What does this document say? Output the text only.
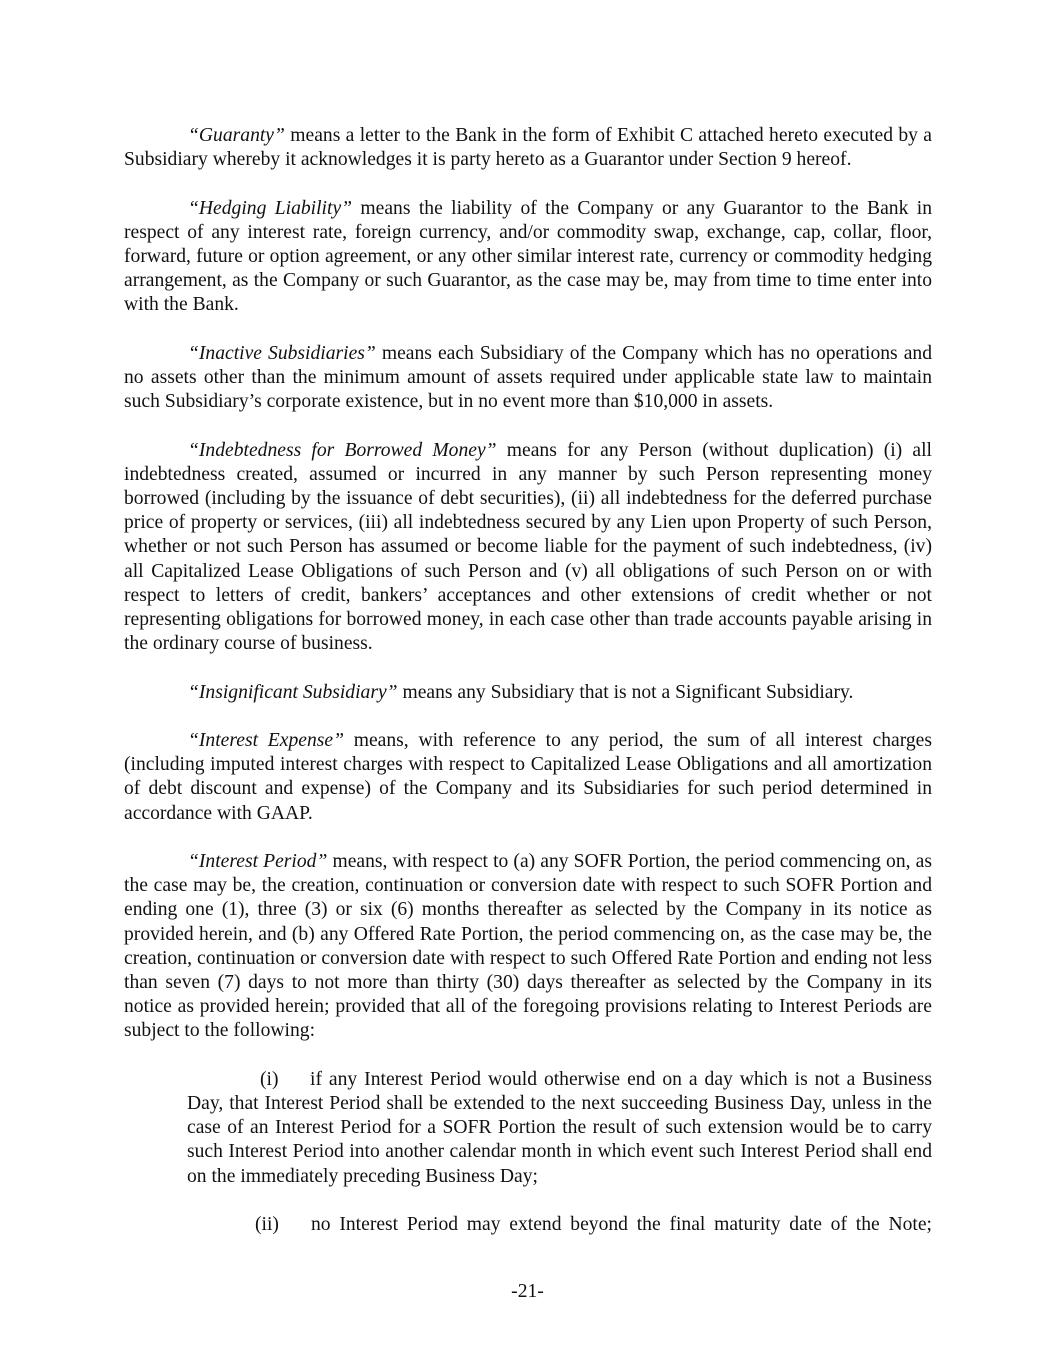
“Guaranty” means a letter to the Bank in the form of Exhibit C attached hereto executed by a Subsidiary whereby it acknowledges it is party hereto as a Guarantor under Section 9 hereof.

“Hedging Liability” means the liability of the Company or any Guarantor to the Bank in respect of any interest rate, foreign currency, and/or commodity swap, exchange, cap, collar, floor, forward, future or option agreement, or any other similar interest rate, currency or commodity hedging arrangement, as the Company or such Guarantor, as the case may be, may from time to time enter into with the Bank.

“Inactive Subsidiaries” means each Subsidiary of the Company which has no operations and no assets other than the minimum amount of assets required under applicable state law to maintain such Subsidiary’s corporate existence, but in no event more than $10,000 in assets.

“Indebtedness for Borrowed Money” means for any Person (without duplication) (i) all indebtedness created, assumed or incurred in any manner by such Person representing money borrowed (including by the issuance of debt securities), (ii) all indebtedness for the deferred purchase price of property or services, (iii) all indebtedness secured by any Lien upon Property of such Person, whether or not such Person has assumed or become liable for the payment of such indebtedness, (iv) all Capitalized Lease Obligations of such Person and (v) all obligations of such Person on or with respect to letters of credit, bankers’ acceptances and other extensions of credit whether or not representing obligations for borrowed money, in each case other than trade accounts payable arising in the ordinary course of business.

“Insignificant Subsidiary” means any Subsidiary that is not a Significant Subsidiary.

“Interest Expense” means, with reference to any period, the sum of all interest charges (including imputed interest charges with respect to Capitalized Lease Obligations and all amortization of debt discount and expense) of the Company and its Subsidiaries for such period determined in accordance with GAAP.

“Interest Period” means, with respect to (a) any SOFR Portion, the period commencing on, as the case may be, the creation, continuation or conversion date with respect to such SOFR Portion and ending one (1), three (3) or six (6) months thereafter as selected by the Company in its notice as provided herein, and (b) any Offered Rate Portion, the period commencing on, as the case may be, the creation, continuation or conversion date with respect to such Offered Rate Portion and ending not less than seven (7) days to not more than thirty (30) days thereafter as selected by the Company in its notice as provided herein; provided that all of the foregoing provisions relating to Interest Periods are subject to the following:

(i) if any Interest Period would otherwise end on a day which is not a Business Day, that Interest Period shall be extended to the next succeeding Business Day, unless in the case of an Interest Period for a SOFR Portion the result of such extension would be to carry such Interest Period into another calendar month in which event such Interest Period shall end on the immediately preceding Business Day;

(ii) no Interest Period may extend beyond the final maturity date of the Note;

-21-
